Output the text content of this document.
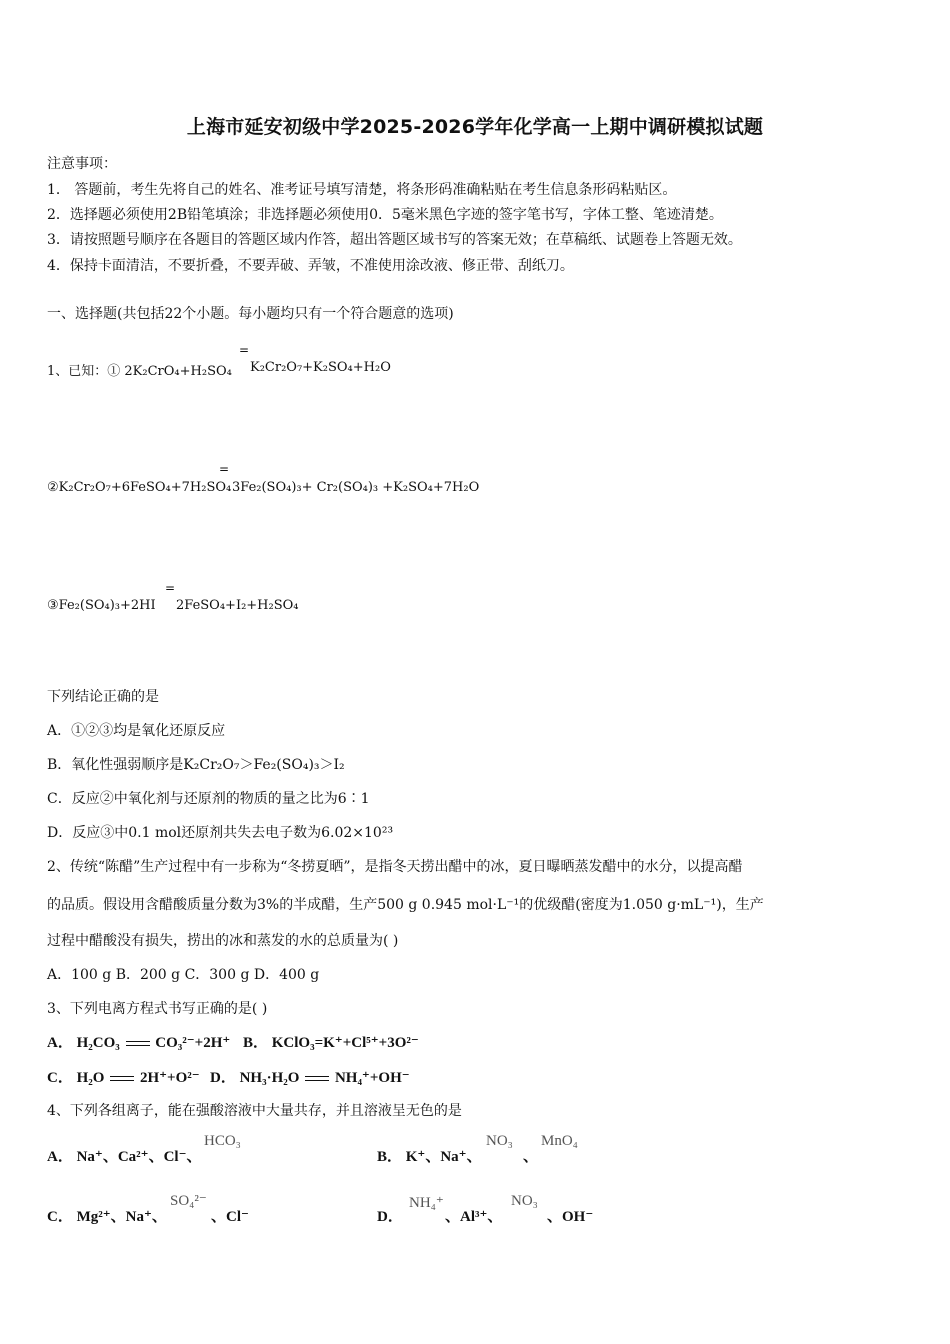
上海市延安初级中学2025-2026学年化学高一上期中调研模拟试题
注意事项：
1． 答题前，考生先将自己的姓名、准考证号填写清楚，将条形码准确粘贴在考生信息条形码粘贴区。
2．选择题必须使用2B铅笔填涂；非选择题必须使用0．5毫米黑色字迹的签字笔书写，字体工整、笔迹清楚。
3．请按照题号顺序在各题目的答题区域内作答，超出答题区域书写的答案无效；在草稿纸、试题卷上答题无效。
4．保持卡面清洁，不要折叠，不要弄破、弄皱，不准使用涂改液、修正带、刮纸刀。
一、选择题(共包括22个小题。每小题均只有一个符合题意的选项)
1、已知：① 2K₂CrO₄+H₂SO₄
=
K₂Cr₂O₇+K₂SO₄+H₂O
②K₂Cr₂O₇+6FeSO₄+7H₂SO₄
=
3Fe₂(SO₄)₃+ Cr₂(SO₄)₃ +K₂SO₄+7H₂O
③Fe₂(SO₄)₃+2HI
=
2FeSO₄+I₂+H₂SO₄
下列结论正确的是
A．①②③均是氧化还原反应
B．氧化性强弱顺序是K₂Cr₂O₇＞Fe₂(SO₄)₃＞I₂
C．反应②中氧化剂与还原剂的物质的量之比为6∶1
D．反应③中0.1 mol还原剂共失去电子数为6.02×10²³
2、传统“陈醋”生产过程中有一步称为“冬捞夏晒”，是指冬天捞出醋中的冰，夏日曝晒蒸发醋中的水分，以提高醋
的品质。假设用含醋酸质量分数为3%的半成醋，生产500 g 0.945 mol·L⁻¹的优级醋(密度为1.050 g·mL⁻¹)，生产
过程中醋酸没有损失，捞出的冰和蒸发的水的总质量为( )
A．100 g B．200 g C．300 g D．400 g
3、下列电离方程式书写正确的是( )
A． H₂CO₃ CO₃²⁻+2H⁺ B． KClO₃=K⁺+Cl⁵⁺+3O²⁻
C． H₂O 2H⁺+O²⁻ D． NH₃·H₂O NH₄⁺+OH⁻
4、下列各组离子，能在强酸溶液中大量共存，并且溶液呈无色的是
A． Na⁺、Ca²⁺、Cl⁻、
HCO₃
B． K⁺、Na⁺、
NO₃
、
MnO₄
C． Mg²⁺、Na⁺、
SO₄²⁻
、Cl⁻	D．
NH₄⁺
、Al³⁺、
NO₃
、OH⁻
